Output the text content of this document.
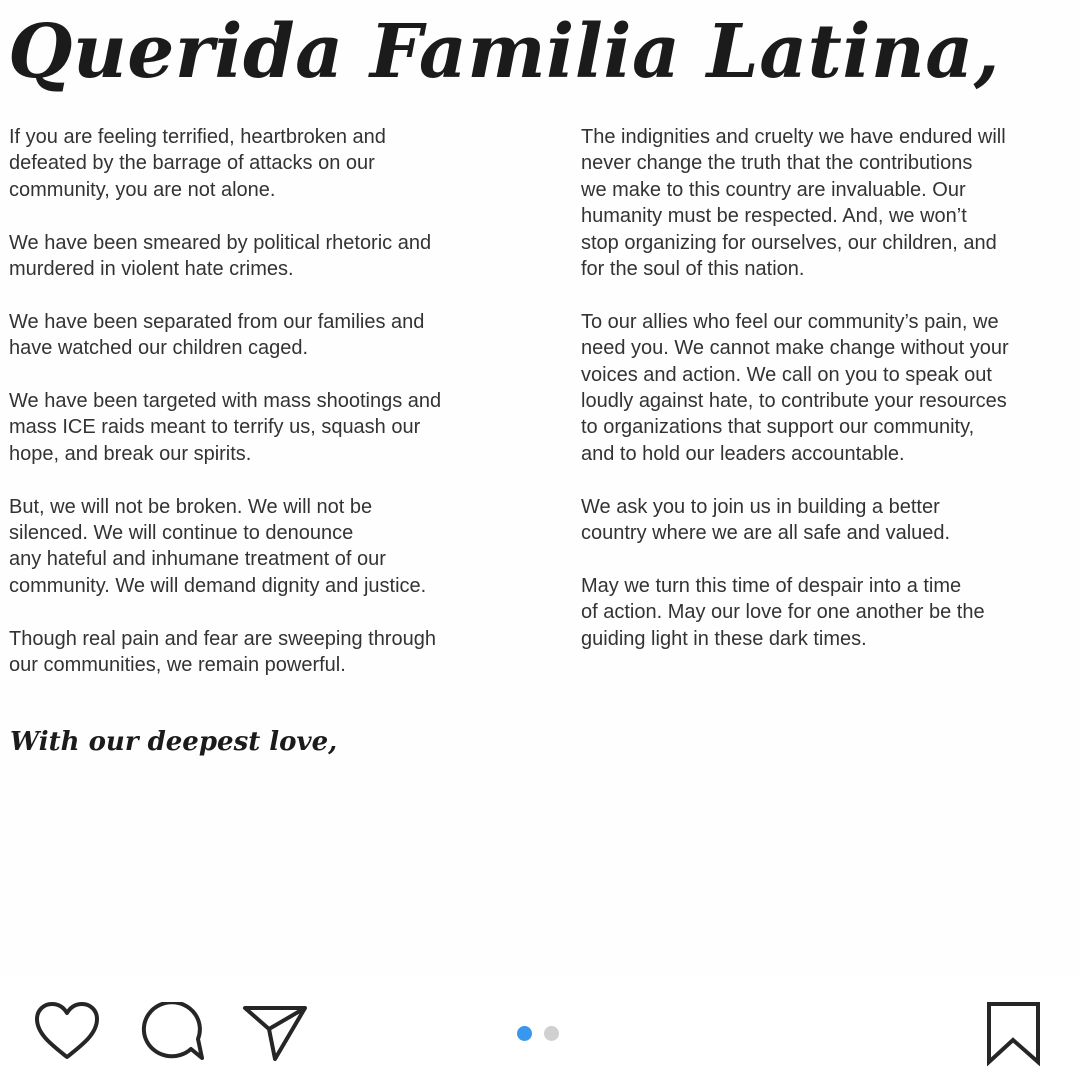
Querida Familia Latina,

If you are feeling terrified, heartbroken and
defeated by the barrage of attacks on our
community, you are not alone.

We have been smeared by political rhetoric and
murdered in violent hate crimes.

We have been separated from our families and
have watched our children caged.

We have been targeted with mass shootings and
mass ICE raids meant to terrify us, squash our
hope, and break our spirits.

But, we will not be broken. We will not be
silenced. We will continue to denounce
any hateful and inhumane treatment of our
community. We will demand dignity and justice.

Though real pain and fear are sweeping through
our communities, we remain powerful.

The indignities and cruelty we have endured will
never change the truth that the contributions
we make to this country are invaluable. Our
humanity must be respected. And, we won’t
stop organizing for ourselves, our children, and
for the soul of this nation.

To our allies who feel our community’s pain, we
need you. We cannot make change without your
voices and action. We call on you to speak out
loudly against hate, to contribute your resources
to organizations that support our community,
and to hold our leaders accountable.

We ask you to join us in building a better
country where we are all safe and valued.

May we turn this time of despair into a time
of action. May our love for one another be the
guiding light in these dark times.

With our deepest love,
